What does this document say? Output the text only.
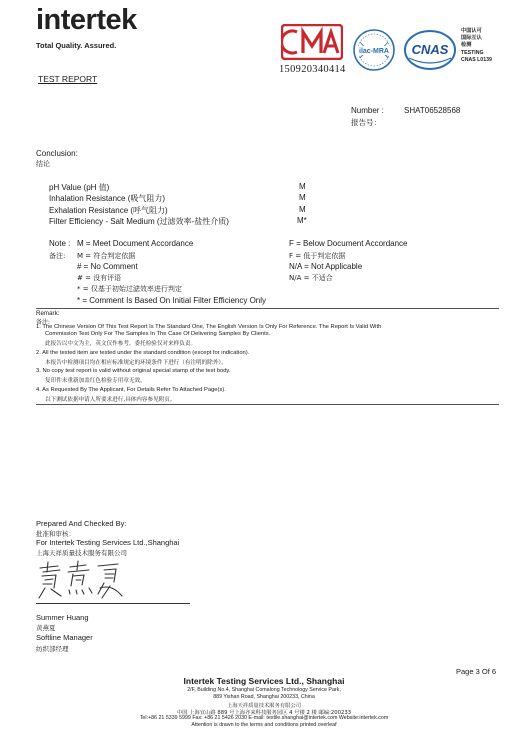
intertek
Total Quality. Assured.
TEST REPORT
150920340414
ilac-MRA CNAS
中国认可
国际互认
检测
TESTING
CNAS L0139
Number :	SHAT06528568
报告号：
Conclusion:
结论
pH Value (pH 值)	M
Inhalation Resistance (吸气阻力)	M
Exhalation Resistance (呼气阻力)	M
Filter Efficiency - Salt Medium (过滤效率-盐性介质)	M*
Note : M = Meet Document Accordance	F = Below Document Accordance
备注: M = 符合判定依据	F = 低于判定依据
# = No Comment	N/A = Not Applicable
# = 没有评语	N/A = 不适合
* = 仅基于初始过滤效率进行判定
* = Comment Is Based On Initial Filter Efficiency Only
Remark:
备注:
1. The Chinese Version Of This Test Report Is The Standard One, The English Version Is Only For Reference. The Report Is Valid With
Commission Test Only For The Samples In The Case Of Delivering Samples By Clients.
此报告以中文为主，英文仅作参考。委托检验仅对来样负责。
2. All the tested item are tested under the standard condition (except for indication).
本报告中检测项目均在相应标准规定的环境条件下进行（有注明的除外）。
3. No copy test report is valid without original special stamp of the test body.
复印件未重新加盖红色检验专用章无效。
4. As Requested By The Applicant, For Details Refer To Attached Page(s).
以下测试依据申请人所要求进行,具体内容参见附页。
Prepared And Checked By:
批准和审核：
For Intertek Testing Services Ltd.,Shanghai
上海天祥质量技术服务有限公司
Summer Huang
黄燕夏
Softline Manager
纺织部经理
Page 3 Of 6
Intertek Testing Services Ltd., Shanghai
2/F, Building No.4, Shanghai Comalong Technology Service Park,
889 Yishan Road, Shanghai 200233, China
上海天祥质量技术服务有限公司
中国 上海宜山路 889 号上海齐来科技服务园区 4 号楼 2 楼 邮编:200233
Tel:+86 21 5339 5999 Fax: +86 21 5426 2030 E-mail: textile.shanghai@intertek.com Website:intertek.com
Attention is drawn to the terms and conditions printed overleaf
